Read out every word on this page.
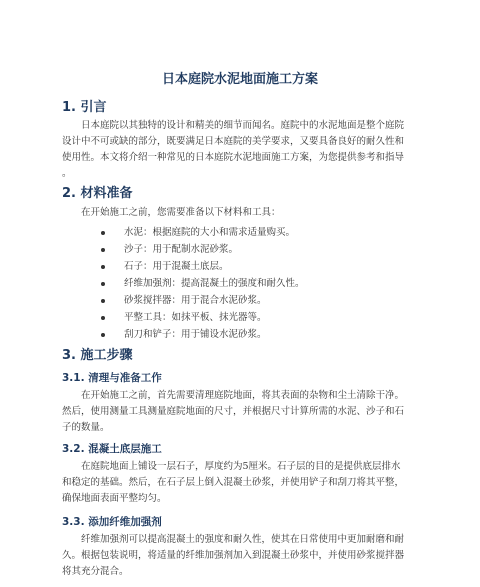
日本庭院水泥地面施工方案
1. 引言
日本庭院以其独特的设计和精美的细节而闻名。庭院中的水泥地面是整个庭院
设计中不可或缺的部分，既要满足日本庭院的美学要求，又要具备良好的耐久性和
使用性。本文将介绍一种常见的日本庭院水泥地面施工方案，为您提供参考和指导
。
2. 材料准备
在开始施工之前，您需要准备以下材料和工具：
水泥：根据庭院的大小和需求适量购买。
沙子：用于配制水泥砂浆。
石子：用于混凝土底层。
纤维加强剂：提高混凝土的强度和耐久性。
砂浆搅拌器：用于混合水泥砂浆。
平整工具：如抹平板、抹光器等。
刮刀和铲子：用于铺设水泥砂浆。
3. 施工步骤
3.1. 清理与准备工作
在开始施工之前，首先需要清理庭院地面，将其表面的杂物和尘土清除干净。
然后，使用测量工具测量庭院地面的尺寸，并根据尺寸计算所需的水泥、沙子和石
子的数量。
3.2. 混凝土底层施工
在庭院地面上铺设一层石子，厚度约为5厘米。石子层的目的是提供底层排水
和稳定的基础。然后，在石子层上倒入混凝土砂浆，并使用铲子和刮刀将其平整，
确保地面表面平整均匀。
3.3. 添加纤维加强剂
纤维加强剂可以提高混凝土的强度和耐久性，使其在日常使用中更加耐磨和耐
久。根据包装说明，将适量的纤维加强剂加入到混凝土砂浆中，并使用砂浆搅拌器
将其充分混合。
